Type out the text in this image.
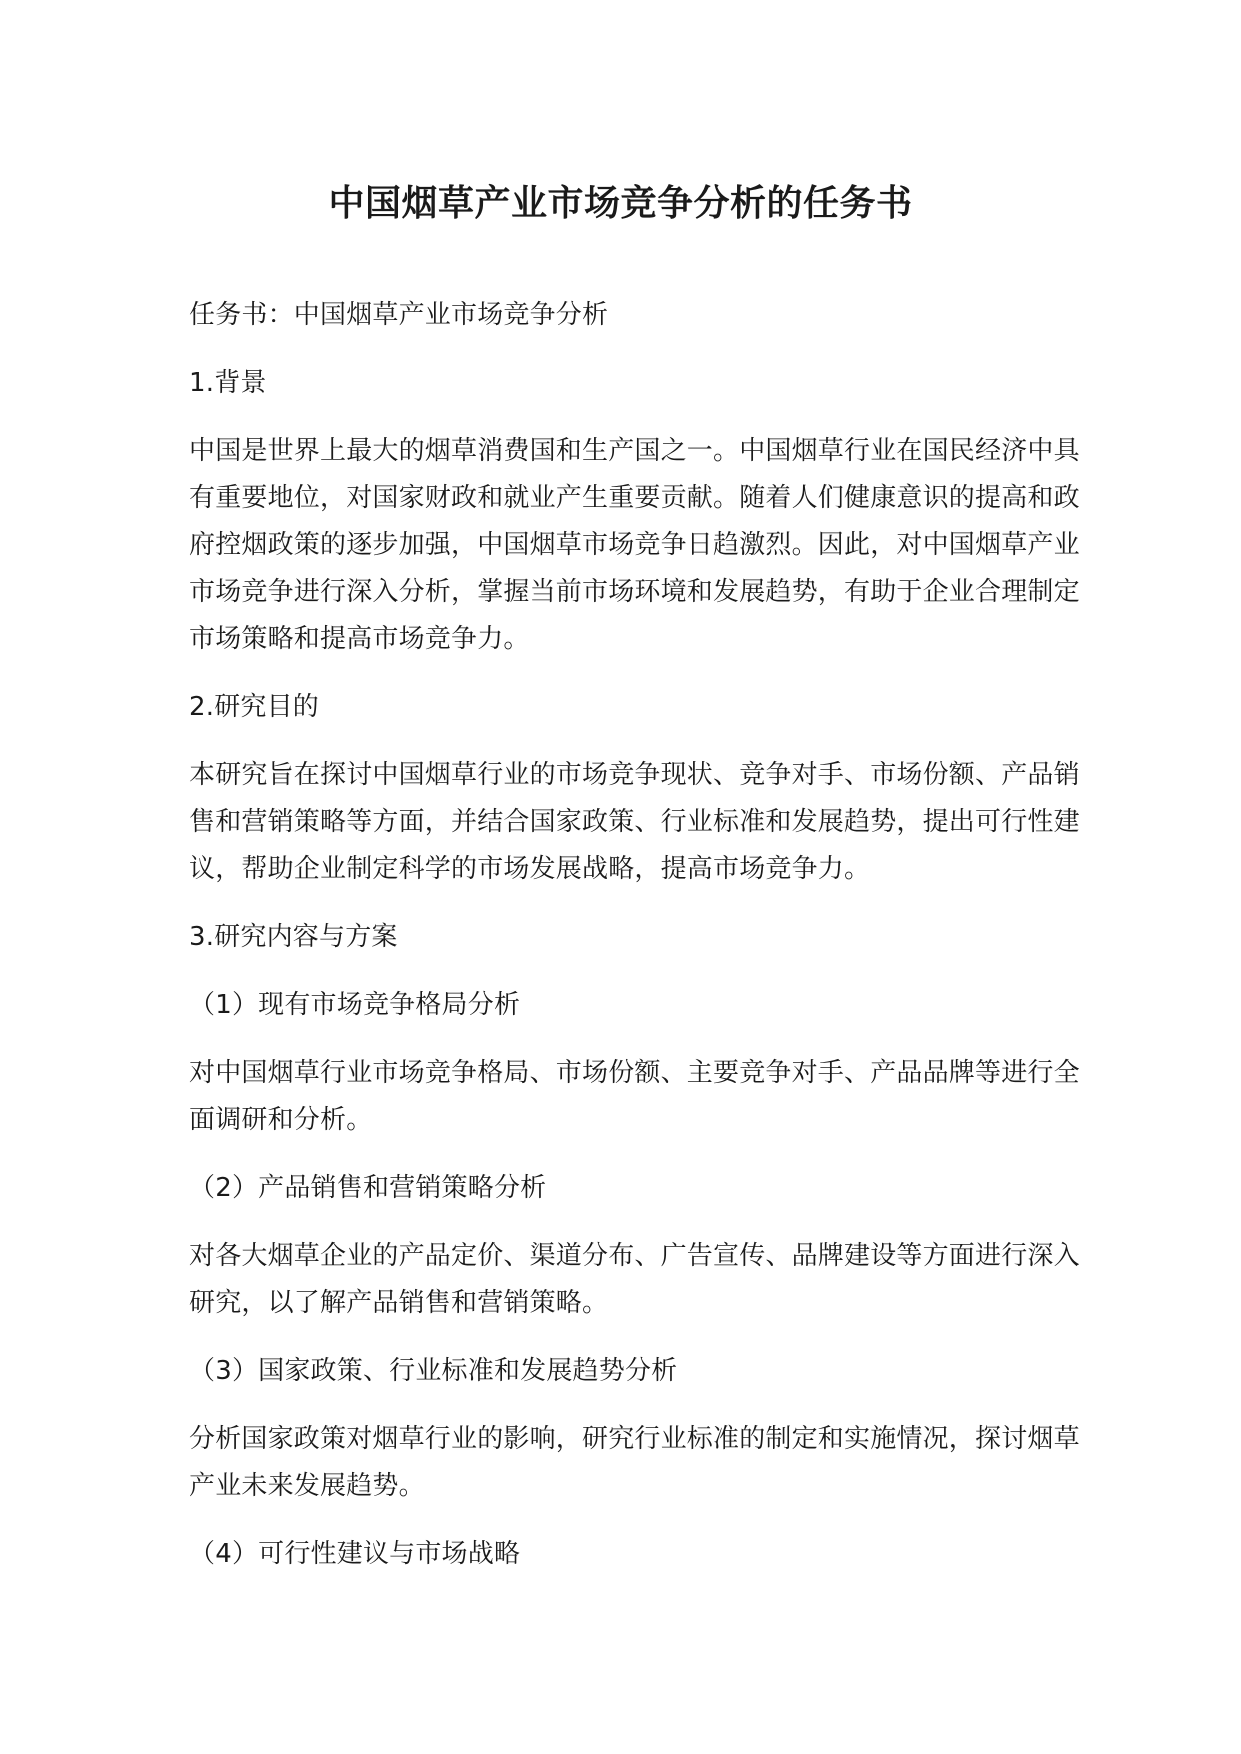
中国烟草产业市场竞争分析的任务书

任务书：中国烟草产业市场竞争分析

1.背景

中国是世界上最大的烟草消费国和生产国之一。中国烟草行业在国民经济中具有重要地位，对国家财政和就业产生重要贡献。随着人们健康意识的提高和政府控烟政策的逐步加强，中国烟草市场竞争日趋激烈。因此，对中国烟草产业市场竞争进行深入分析，掌握当前市场环境和发展趋势，有助于企业合理制定市场策略和提高市场竞争力。

2.研究目的

本研究旨在探讨中国烟草行业的市场竞争现状、竞争对手、市场份额、产品销售和营销策略等方面，并结合国家政策、行业标准和发展趋势，提出可行性建议，帮助企业制定科学的市场发展战略，提高市场竞争力。

3.研究内容与方案

（1）现有市场竞争格局分析

对中国烟草行业市场竞争格局、市场份额、主要竞争对手、产品品牌等进行全面调研和分析。

（2）产品销售和营销策略分析

对各大烟草企业的产品定价、渠道分布、广告宣传、品牌建设等方面进行深入研究，以了解产品销售和营销策略。

（3）国家政策、行业标准和发展趋势分析

分析国家政策对烟草行业的影响，研究行业标准的制定和实施情况，探讨烟草产业未来发展趋势。

（4）可行性建议与市场战略
